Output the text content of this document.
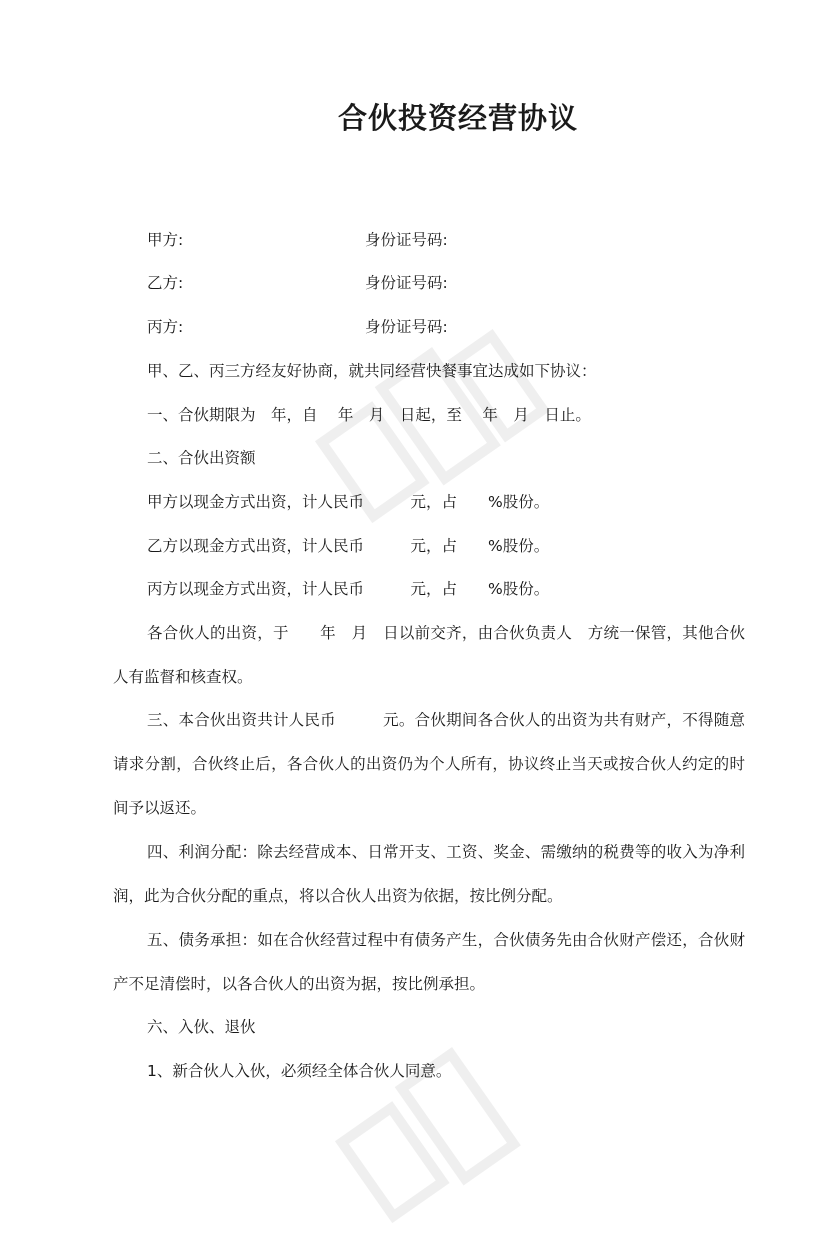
合伙投资经营协议
甲方:	身份证号码:
乙方:	身份证号码:
丙方:	身份证号码:
甲、乙、丙三方经友好协商，就共同经营快餐事宜达成如下协议：
一、合伙期限为　年，自　 年　月　日起，至　 年　月　日止。
二、合伙出资额
甲方以现金方式出资，计人民币　　　元，占　　%股份。
乙方以现金方式出资，计人民币　　　元，占　　%股份。
丙方以现金方式出资，计人民币　　　元，占　　%股份。
各合伙人的出资，于　　年　月　日以前交齐，由合伙负责人　方统一保管，其他合伙人有监督和核查权。
三、本合伙出资共计人民币　　　元。合伙期间各合伙人的出资为共有财产，不得随意请求分割，合伙终止后，各合伙人的出资仍为个人所有，协议终止当天或按合伙人约定的时间予以返还。
四、利润分配：除去经营成本、日常开支、工资、奖金、需缴纳的税费等的收入为净利润，此为合伙分配的重点，将以合伙人出资为依据，按比例分配。
五、债务承担：如在合伙经营过程中有债务产生，合伙债务先由合伙财产偿还，合伙财产不足清偿时，以各合伙人的出资为据，按比例承担。
六、入伙、退伙
1、新合伙人入伙，必须经全体合伙人同意。
